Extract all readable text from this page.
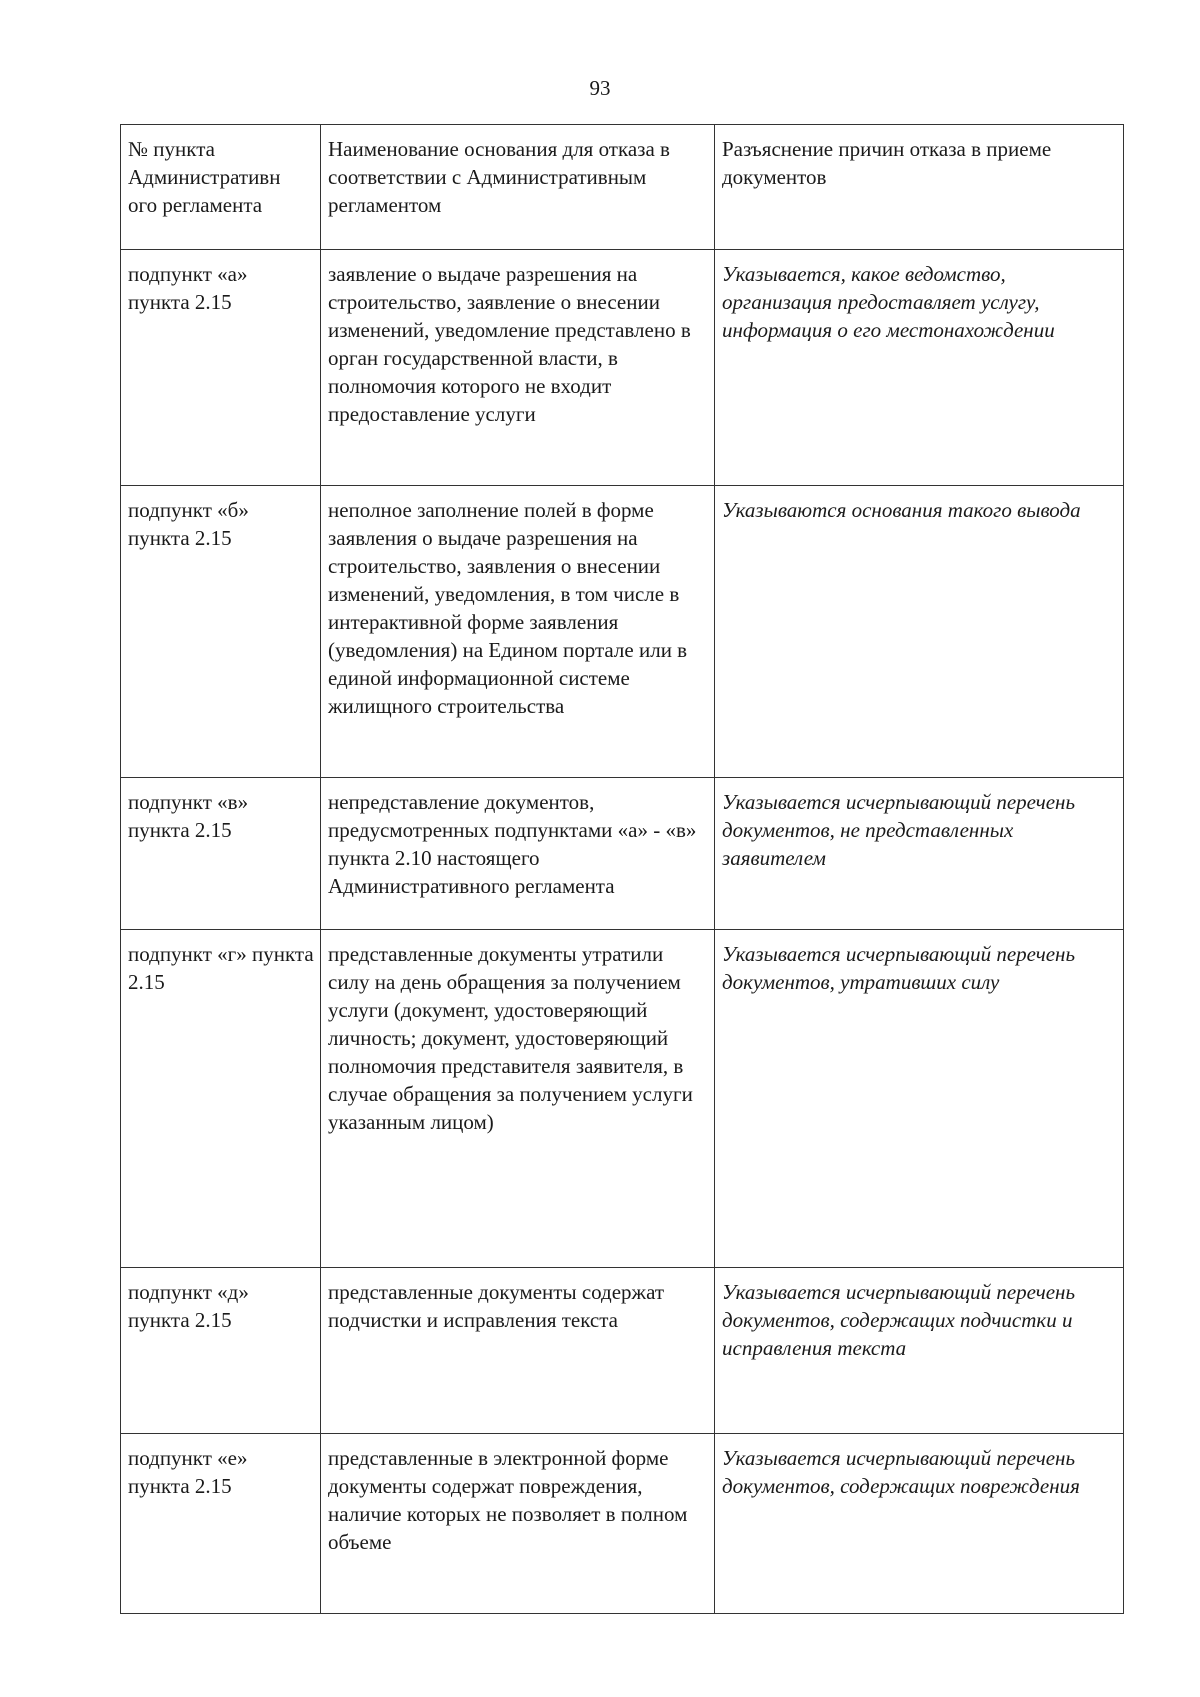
93
№ пункта Административн ого регламента	Наименование основания для отказа в соответствии с Административным регламентом	Разъяснение причин отказа в приеме документов
подпункт «а» пункта 2.15	заявление о выдаче разрешения на строительство, заявление о внесении изменений, уведомление представлено в орган государственной власти, в полномочия которого не входит предоставление услуги	Указывается, какое ведомство, организация предоставляет услугу, информация о его местонахождении
подпункт «б» пункта 2.15	неполное заполнение полей в форме заявления о выдаче разрешения на строительство, заявления о внесении изменений, уведомления, в том числе в интерактивной форме заявления (уведомления) на Едином портале или в единой информационной системе жилищного строительства	Указываются основания такого вывода
подпункт «в» пункта 2.15	непредставление документов, предусмотренных подпунктами «а» - «в» пункта 2.10 настоящего Административного регламента	Указывается исчерпывающий перечень документов, не представленных заявителем
подпункт «г» пункта 2.15	представленные документы утратили силу на день обращения за получением услуги (документ, удостоверяющий личность; документ, удостоверяющий полномочия представителя заявителя, в случае обращения за получением услуги указанным лицом)	Указывается исчерпывающий перечень документов, утративших силу
подпункт «д» пункта 2.15	представленные документы содержат подчистки и исправления текста	Указывается исчерпывающий перечень документов, содержащих подчистки и исправления текста
подпункт «е» пункта 2.15	представленные в электронной форме документы содержат повреждения, наличие которых не позволяет в полном объеме	Указывается исчерпывающий перечень документов, содержащих повреждения
